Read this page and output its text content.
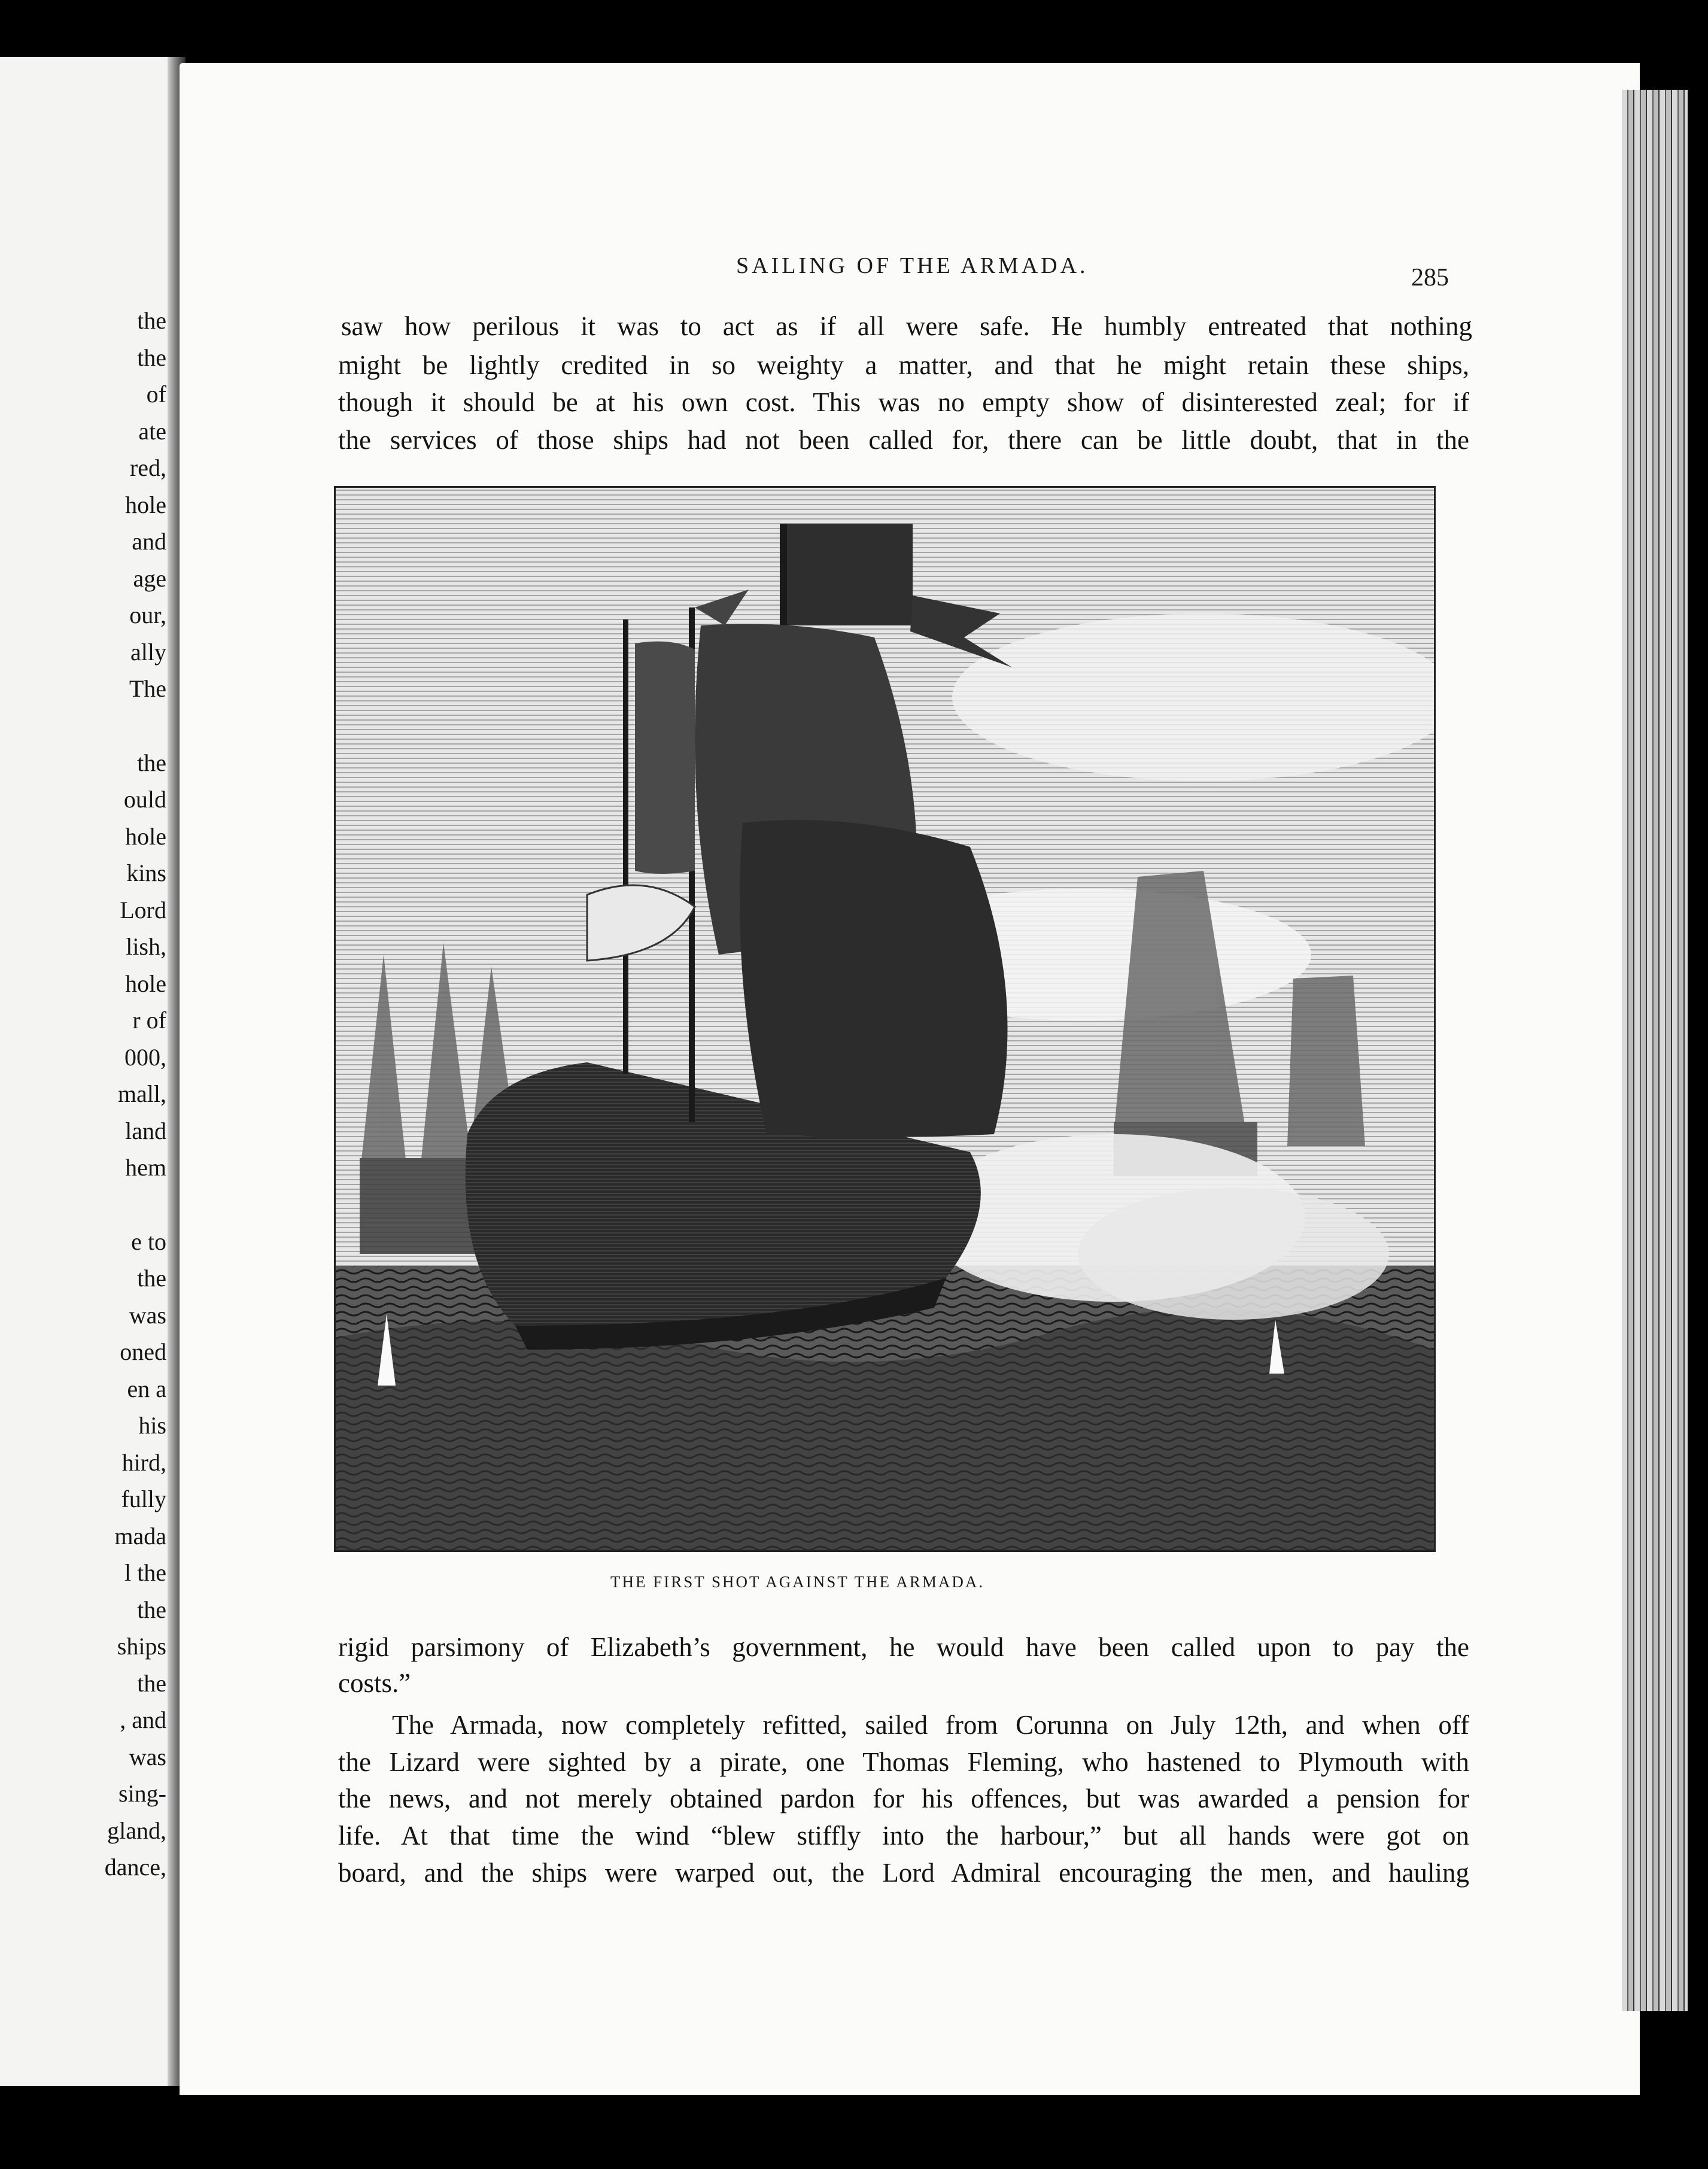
the
the
of
ate
red,
hole
and
age
our,
ally
The
the
ould
hole
kins
Lord
lish,
hole
r of
000,
mall,
land
hem
e to
the
was
oned
en a
his
hird,
fully
mada
l the
the
ships
the
, and
was
sing-
gland,
dance,
SAILING OF THE ARMADA.	285
saw how perilous it was to act as if all were safe. He humbly entreated that nothing
might be lightly credited in so weighty a matter, and that he might retain these ships,
though it should be at his own cost. This was no empty show of disinterested zeal; for if
the services of those ships had not been called for, there can be little doubt, that in the
THE FIRST SHOT AGAINST THE ARMADA.
rigid parsimony of Elizabeth’s government, he would have been called upon to pay the
costs.”
The Armada, now completely refitted, sailed from Corunna on July 12th, and when off
the Lizard were sighted by a pirate, one Thomas Fleming, who hastened to Plymouth with
the news, and not merely obtained pardon for his offences, but was awarded a pension for
life. At that time the wind “blew stiffly into the harbour,” but all hands were got on
board, and the ships were warped out, the Lord Admiral encouraging the men, and hauling
